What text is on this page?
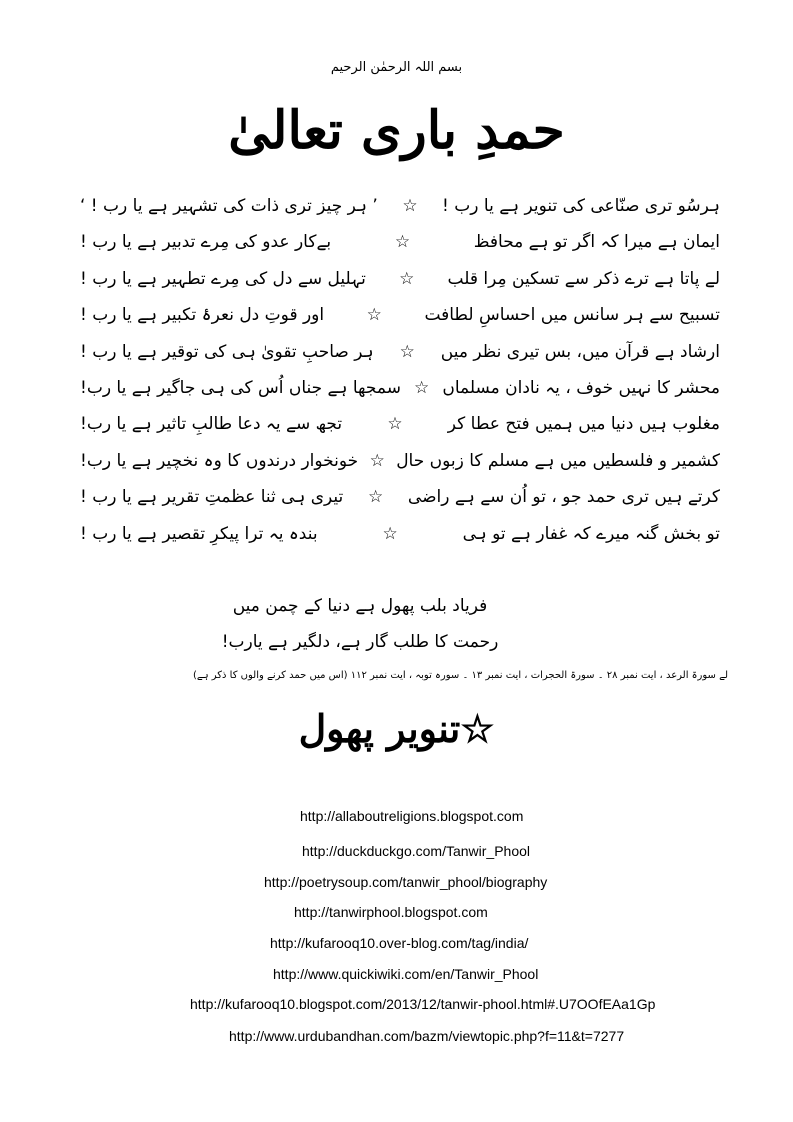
بسم اللہ الرحمٰن الرحیم
حمدِ باری تعالیٰ
ہرسُو تری صنّاعی کی تنویر ہے یا رب !
☆
’ ہر چیز تری ذات کی تشہیر ہے یا رب ! ‘
ایمان ہے میرا کہ اگر تو ہے محافظ
☆
بےکار عدو کی مِرے تدبیر ہے یا رب !
لے پاتا ہے ترے ذکر سے تسکین مِرا قلب
☆
تہلیل سے دل کی مِرے تطہیر ہے یا رب !
تسبیح سے ہر سانس میں احساسِ لطافت
☆
اور قوتِ دل نعرۂ تکبیر ہے یا رب !
ارشاد ہے قرآن میں، بس تیری نظر میں
☆
ہر صاحبِ تقویٰ ہی کی توقیر ہے یا رب !
محشر کا نہیں خوف ، یہ نادان مسلماں
☆
سمجھا ہے جناں اُس کی ہی جاگیر ہے یا رب!
مغلوب ہیں دنیا میں ہمیں فتح عطا کر
☆
تجھ سے یہ دعا طالبِ تاثیر ہے یا رب!
کشمیر و فلسطیں میں ہے مسلم کا زبوں حال
☆
خونخوار درندوں کا وہ نخچیر ہے یا رب!
کرتے ہیں تری حمد جو ، تو اُن سے ہے راضی
☆
تیری ہی ثنا عظمتِ تقریر ہے یا رب !
تو بخش گنہ میرے کہ غفار ہے تو ہی
☆
بندہ یہ ترا پیکرِ تقصیر ہے یا رب !
فریاد بلب پھول ہے دنیا کے چمن میں
رحمت کا طلب گار ہے، دلگیر ہے یارب!
لے سورۃ الرعد ، آیت نمبر ۲۸ ۔ سورۃ الحجرات ، آیت نمبر ۱۳ ۔ سورہ توبہ ، آیت نمبر ۱۱۲ (اس میں حمد کرنے والوں کا ذکر ہے)
☆تنویر پھول
http://allaboutreligions.blogspot.com
http://duckduckgo.com/Tanwir_Phool
http://poetrysoup.com/tanwir_phool/biography
http://tanwirphool.blogspot.com
http://kufarooq10.over-blog.com/tag/india/
http://www.quickiwiki.com/en/Tanwir_Phool
http://kufarooq10.blogspot.com/2013/12/tanwir-phool.html#.U7OOfEAa1Gp
http://www.urdubandhan.com/bazm/viewtopic.php?f=11&t=7277
